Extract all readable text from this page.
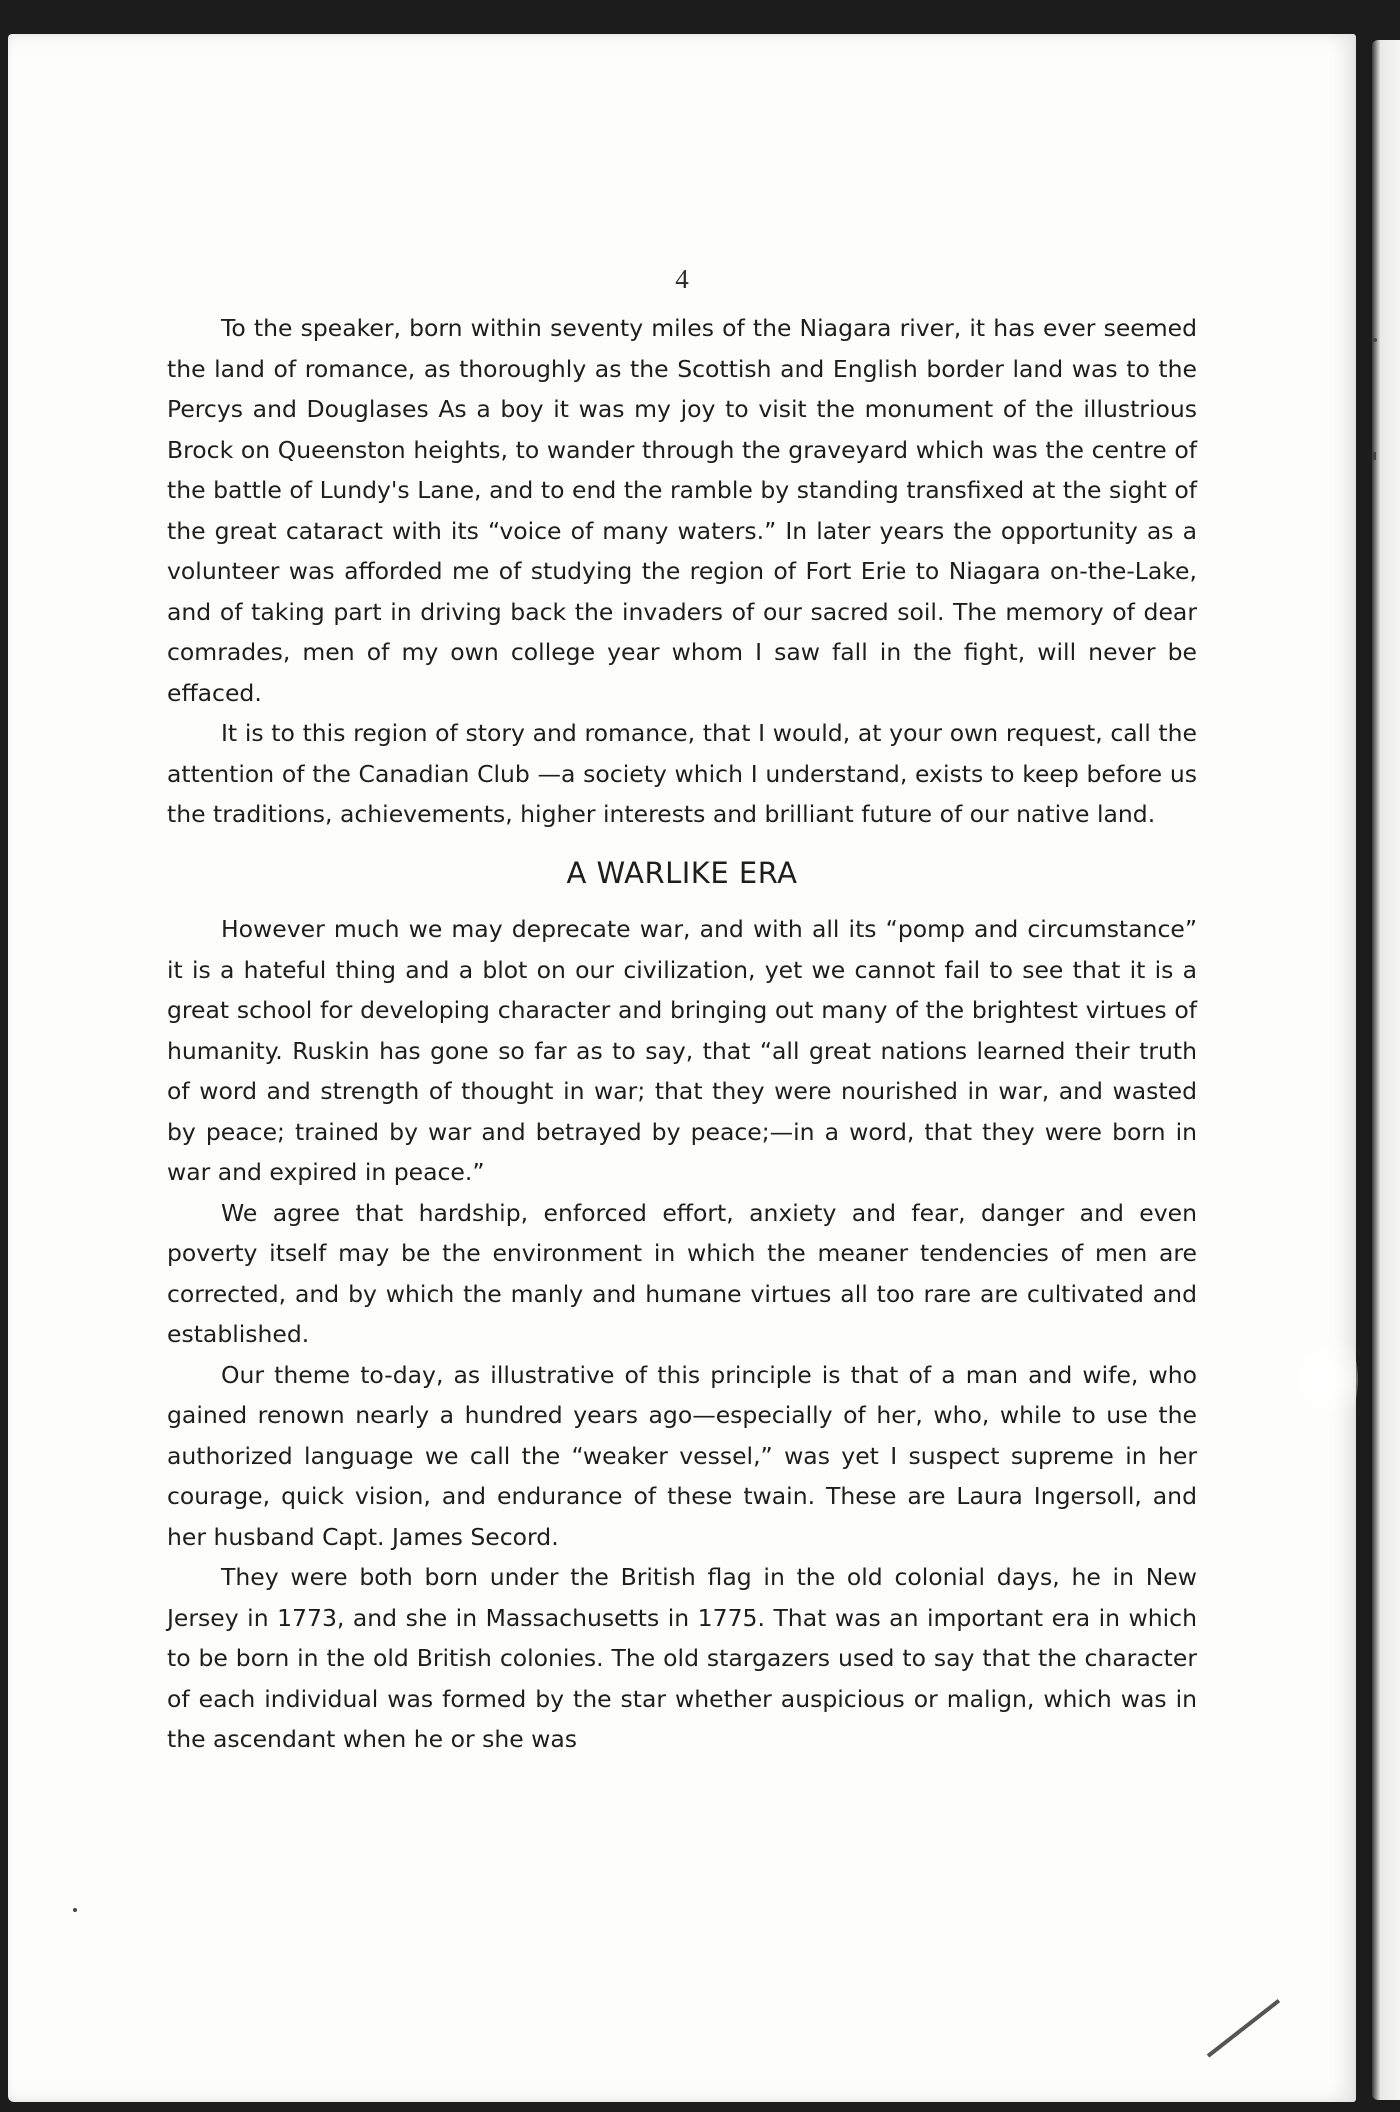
4

To the speaker, born within seventy miles of the Niagara river, it has ever seemed the land of romance, as thoroughly as the Scottish and English border land was to the Percys and Douglases As a boy it was my joy to visit the monument of the illustrious Brock on Queenston heights, to wander through the graveyard which was the centre of the battle of Lundy's Lane, and to end the ramble by standing transfixed at the sight of the great cataract with its “voice of many waters.” In later years the opportunity as a volunteer was afforded me of studying the region of Fort Erie to Niagara on-the-Lake, and of taking part in driving back the invaders of our sacred soil. The memory of dear comrades, men of my own college year whom I saw fall in the fight, will never be effaced.

It is to this region of story and romance, that I would, at your own request, call the attention of the Canadian Club —a society which I understand, exists to keep before us the traditions, achievements, higher interests and brilliant future of our native land.

A WARLIKE ERA

However much we may deprecate war, and with all its “pomp and circumstance” it is a hateful thing and a blot on our civilization, yet we cannot fail to see that it is a great school for developing character and bringing out many of the brightest virtues of humanity. Ruskin has gone so far as to say, that “all great nations learned their truth of word and strength of thought in war; that they were nourished in war, and wasted by peace; trained by war and betrayed by peace;—in a word, that they were born in war and expired in peace.”

We agree that hardship, enforced effort, anxiety and fear, danger and even poverty itself may be the environment in which the meaner tendencies of men are corrected, and by which the manly and humane virtues all too rare are cultivated and established.

Our theme to-day, as illustrative of this principle is that of a man and wife, who gained renown nearly a hundred years ago—especially of her, who, while to use the authorized language we call the “weaker vessel,” was yet I suspect supreme in her courage, quick vision, and endurance of these twain. These are Laura Ingersoll, and her husband Capt. James Secord.

They were both born under the British flag in the old colonial days, he in New Jersey in 1773, and she in Massachusetts in 1775. That was an important era in which to be born in the old British colonies. The old stargazers used to say that the character of each individual was formed by the star whether auspicious or malign, which was in the ascendant when he or she was
